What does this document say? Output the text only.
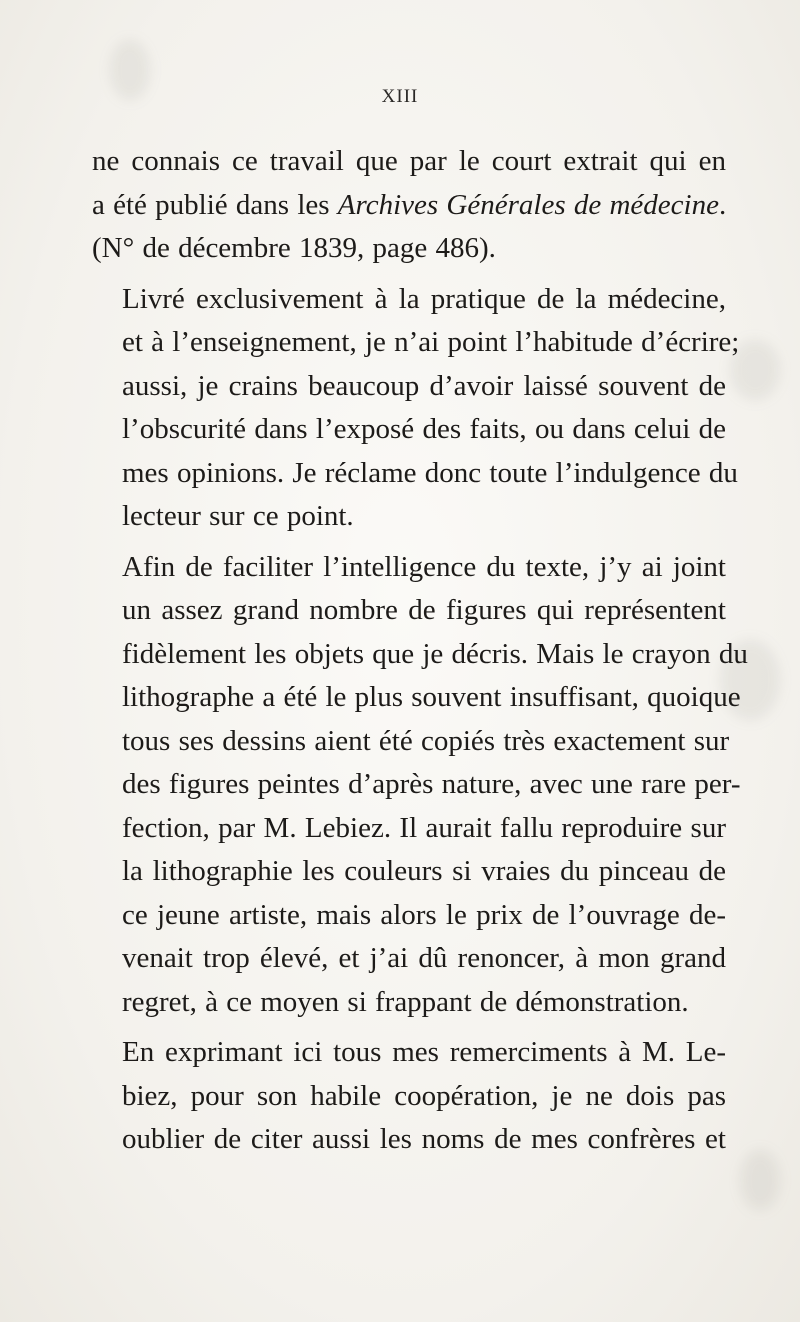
XIII

ne connais ce travail que par le court extrait qui en
a été publié dans les Archives Générales de médecine.
(N° de décembre 1839, page 486).

Livré exclusivement à la pratique de la médecine,
et à l’enseignement, je n’ai point l’habitude d’écrire;
aussi, je crains beaucoup d’avoir laissé souvent de
l’obscurité dans l’exposé des faits, ou dans celui de
mes opinions. Je réclame donc toute l’indulgence du
lecteur sur ce point.

Afin de faciliter l’intelligence du texte, j’y ai joint
un assez grand nombre de figures qui représentent
fidèlement les objets que je décris. Mais le crayon du
lithographe a été le plus souvent insuffisant, quoique
tous ses dessins aient été copiés très exactement sur
des figures peintes d’après nature, avec une rare per-
fection, par M. Lebiez. Il aurait fallu reproduire sur
la lithographie les couleurs si vraies du pinceau de
ce jeune artiste, mais alors le prix de l’ouvrage de-
venait trop élevé, et j’ai dû renoncer, à mon grand
regret, à ce moyen si frappant de démonstration.

En exprimant ici tous mes remerciments à M. Le-
biez, pour son habile coopération, je ne dois pas
oublier de citer aussi les noms de mes confrères et
